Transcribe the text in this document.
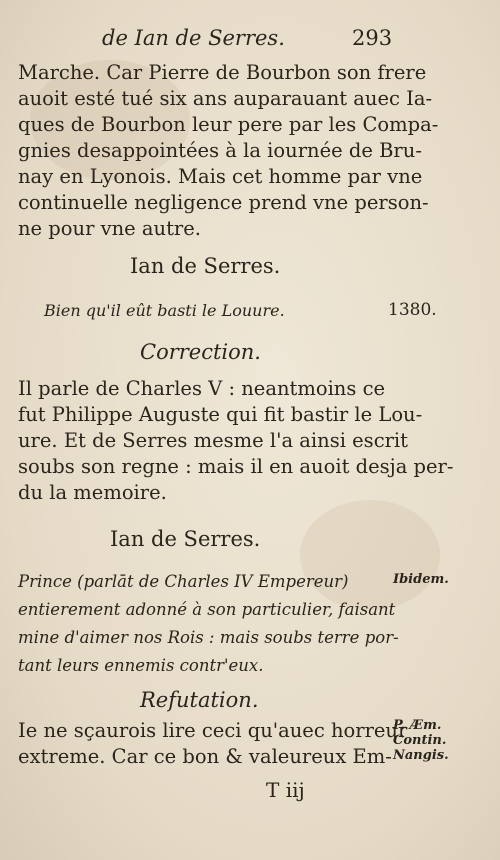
de Ian de Serres.	293
Marche. Car Pierre de Bourbon son frere
auoit esté tué six ans auparauant auec Ia-
ques de Bourbon leur pere par les Compa-
gnies desappointées à la iournée de Bru-
nay en Lyonois. Mais cet homme par vne
continuelle negligence prend vne person-
ne pour vne autre.
Ian de Serres.
Bien qu'il eût basti le Louure.	1380.
Correction.
Il parle de Charles V : neantmoins ce
fut Philippe Auguste qui fit bastir le Lou-
ure. Et de Serres mesme l'a ainsi escrit
soubs son regne : mais il en auoit desja per-
du la memoire.
Ian de Serres.
Prince (parlāt de Charles IV Empereur)
entierement adonné à son particulier, faisant
mine d'aimer nos Rois : mais soubs terre por-
tant leurs ennemis contr'eux.
Ibidem.
Refutation.
Ie ne sçaurois lire ceci qu'auec horreur
extreme. Car ce bon & valeureux Em-
P. Æm.
Contin.
Nangis.
T iij
